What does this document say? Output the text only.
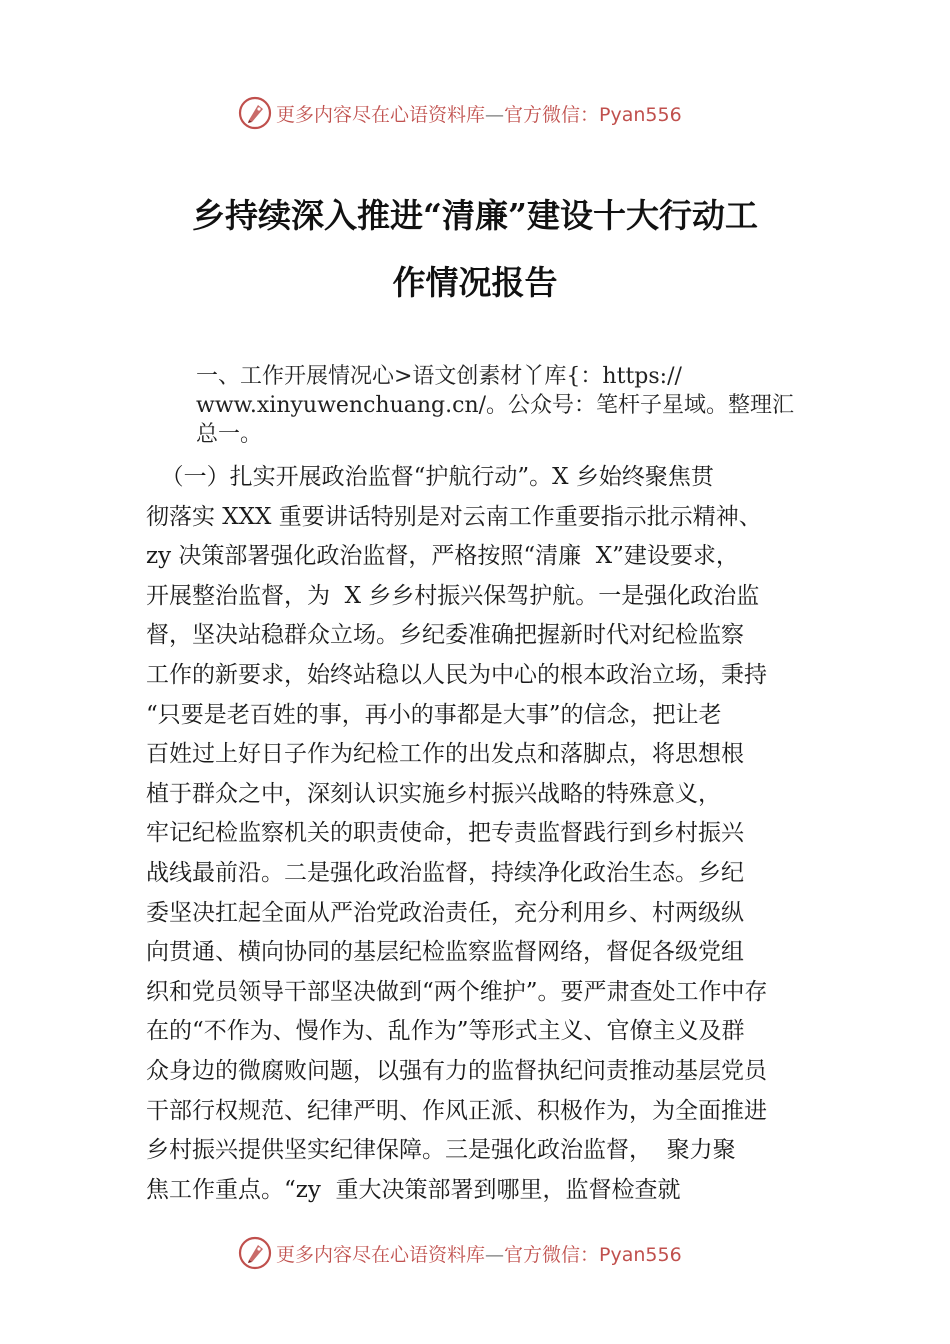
更多内容尽在心语资料库—官方微信：Pyan556
乡持续深入推进“清廉”建设十大行动工
作情况报告
一、工作开展情况心>语文创素材丫库{：https://
www.xinyuwenchuang.cn/。公众号：笔杆子星域。整理汇
总一。
（一）扎实开展政治监督“护航行动”。X 乡始终聚焦贯
彻落实 XXX 重要讲话特别是对云南工作重要指示批示精神、
zy 决策部署强化政治监督，严格按照“清廉  X”建设要求，
开展整治监督，为  X 乡乡村振兴保驾护航。一是强化政治监
督，坚决站稳群众立场。乡纪委准确把握新时代对纪检监察
工作的新要求，始终站稳以人民为中心的根本政治立场，秉持
“只要是老百姓的事，再小的事都是大事”的信念，把让老
百姓过上好日子作为纪检工作的出发点和落脚点，将思想根
植于群众之中，深刻认识实施乡村振兴战略的特殊意义，
牢记纪检监察机关的职责使命，把专责监督践行到乡村振兴
战线最前沿。二是强化政治监督，持续净化政治生态。乡纪
委坚决扛起全面从严治党政治责任，充分利用乡、村两级纵
向贯通、横向协同的基层纪检监察监督网络，督促各级党组
织和党员领导干部坚决做到“两个维护”。要严肃查处工作中存
在的“不作为、慢作为、乱作为”等形式主义、官僚主义及群
众身边的微腐败问题，以强有力的监督执纪问责推动基层党员
干部行权规范、纪律严明、作风正派、积极作为，为全面推进
乡村振兴提供坚实纪律保障。三是强化政治监督，  聚力聚
焦工作重点。“zy  重大决策部署到哪里，监督检查就
更多内容尽在心语资料库—官方微信：Pyan556
